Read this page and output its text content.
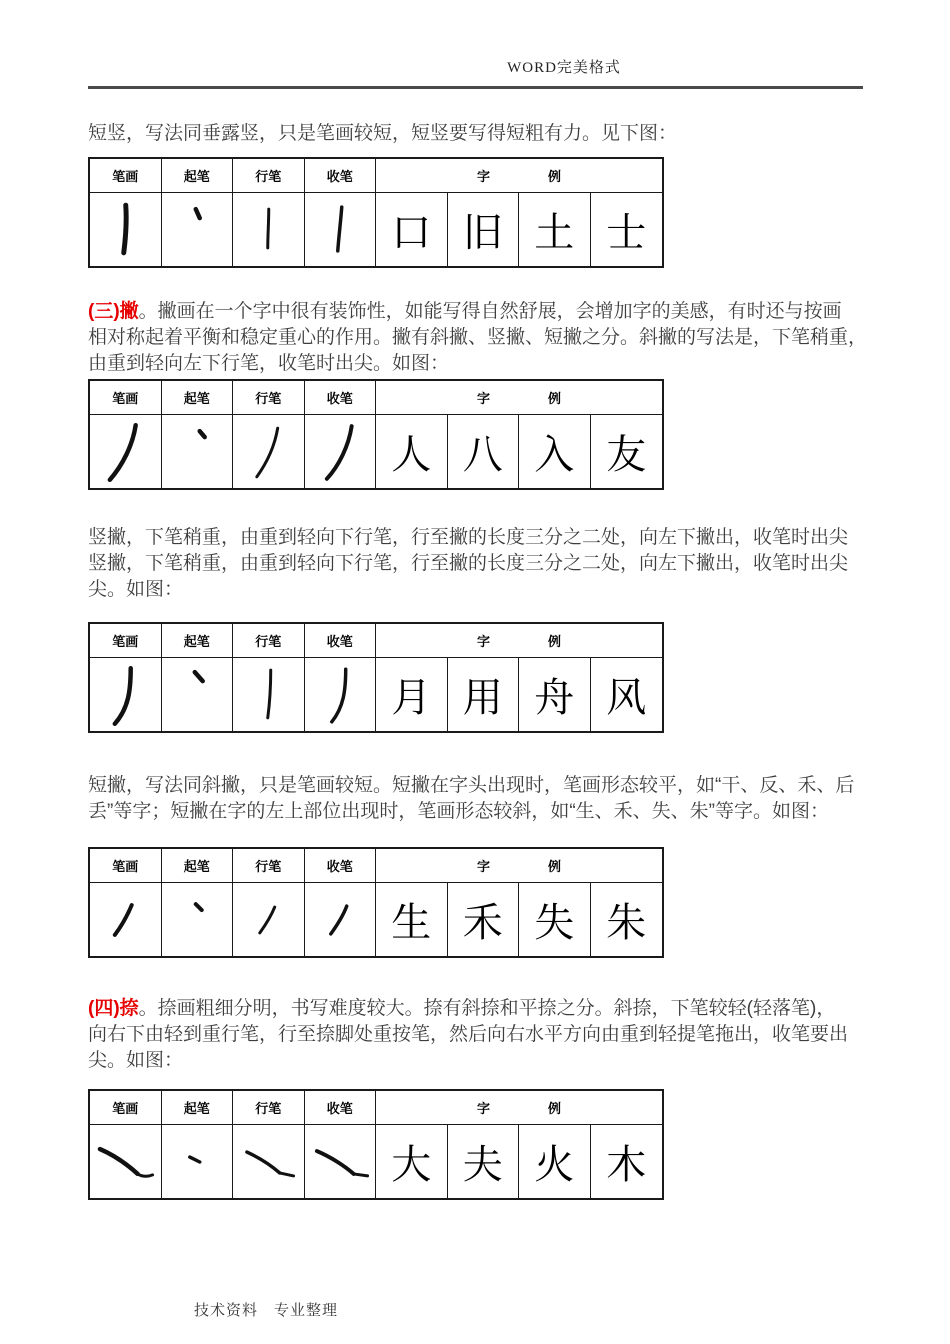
WORD完美格式
短竖，写法同垂露竖，只是笔画较短，短竖要写得短粗有力。见下图：
笔画	起笔	行笔	收笔	字	例
口 旧 土 士
(三)撇。撇画在一个字中很有装饰性，如能写得自然舒展，会增加字的美感，有时还与按画
相对称起着平衡和稳定重心的作用。撇有斜撇、竖撇、短撇之分。斜撇的写法是，下笔稍重，
由重到轻向左下行笔，收笔时出尖。如图：
笔画	起笔	行笔	收笔	字	例
人 八 入 友
竖撇，下笔稍重，由重到轻向下行笔，行至撇的长度三分之二处，向左下撇出，收笔时出尖
竖撇，下笔稍重，由重到轻向下行笔，行至撇的长度三分之二处，向左下撇出，收笔时出尖
尖。如图：
笔画	起笔	行笔	收笔	字	例
月 用 舟 风
短撇，写法同斜撇，只是笔画较短。短撇在字头出现时，笔画形态较平，如“干、反、禾、后
丢”等字；短撇在字的左上部位出现时，笔画形态较斜，如“生、禾、失、朱”等字。如图：
笔画	起笔	行笔	收笔	字	例
生 禾 失 朱
(四)捺。捺画粗细分明，书写难度较大。捺有斜捺和平捺之分。斜捺，下笔较轻(轻落笔)，
向右下由轻到重行笔，行至捺脚处重按笔，然后向右水平方向由重到轻提笔拖出，收笔要出
尖。如图：
笔画	起笔	行笔	收笔	字	例
大 夫 火 木
技术资料　专业整理
